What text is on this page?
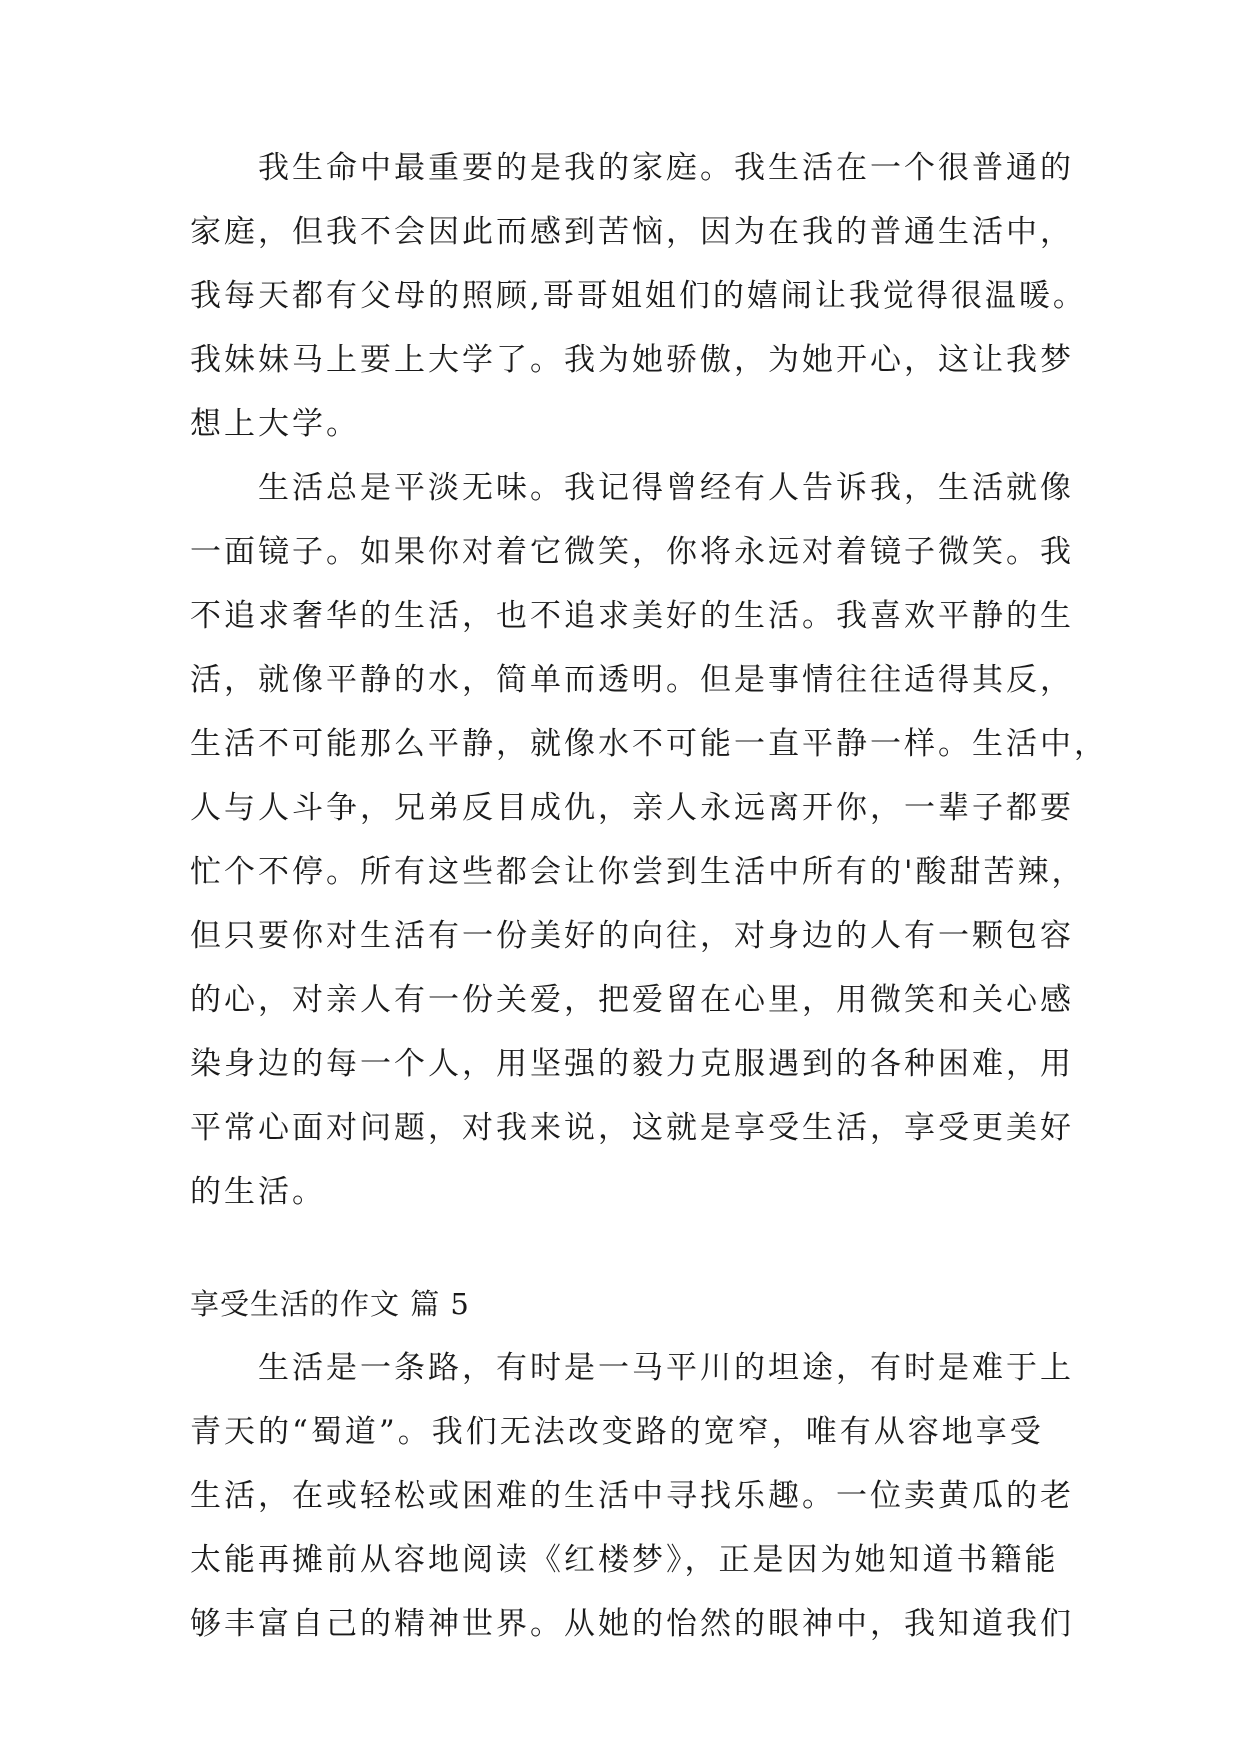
　　我生命中最重要的是我的家庭。我生活在一个很普通的
家庭，但我不会因此而感到苦恼，因为在我的普通生活中，
我每天都有父母的照顾,哥哥姐姐们的嬉闹让我觉得很温暖。
我妹妹马上要上大学了。我为她骄傲，为她开心，这让我梦
想上大学。
　　生活总是平淡无味。我记得曾经有人告诉我，生活就像
一面镜子。如果你对着它微笑，你将永远对着镜子微笑。我
不追求奢华的生活，也不追求美好的生活。我喜欢平静的生
活，就像平静的水，简单而透明。但是事情往往适得其反，
生活不可能那么平静，就像水不可能一直平静一样。生活中，
人与人斗争，兄弟反目成仇，亲人永远离开你，一辈子都要
忙个不停。所有这些都会让你尝到生活中所有的'酸甜苦辣，
但只要你对生活有一份美好的向往，对身边的人有一颗包容
的心，对亲人有一份关爱，把爱留在心里，用微笑和关心感
染身边的每一个人，用坚强的毅力克服遇到的各种困难，用
平常心面对问题，对我来说，这就是享受生活，享受更美好
的生活。
享受生活的作文 篇 5
　　生活是一条路，有时是一马平川的坦途，有时是难于上
青天的“蜀道”。我们无法改变路的宽窄，唯有从容地享受
生活，在或轻松或困难的生活中寻找乐趣。一位卖黄瓜的老
太能再摊前从容地阅读《红楼梦》，正是因为她知道书籍能
够丰富自己的精神世界。从她的怡然的眼神中，我知道我们
